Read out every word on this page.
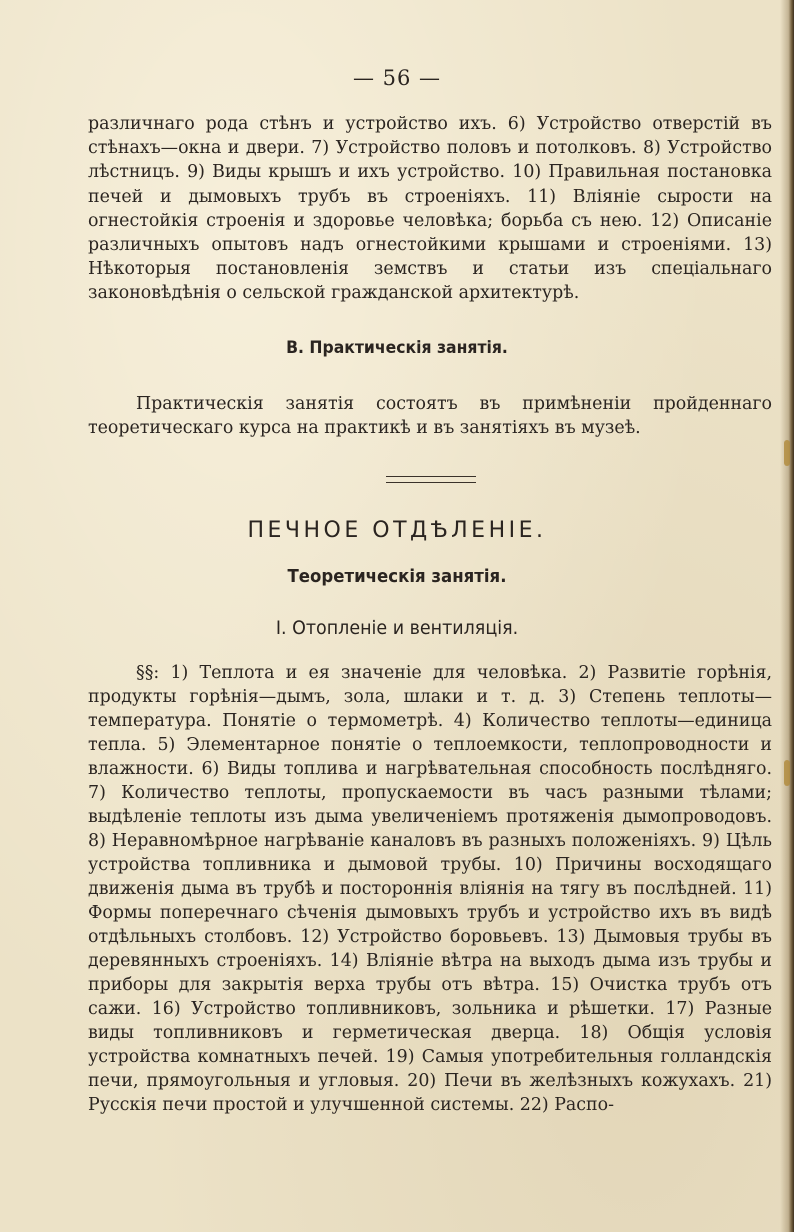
— 56 —

различнаго рода стѣнъ и устройство ихъ. 6) Устройство отверстій въ стѣнахъ—окна и двери. 7) Устройство половъ и потолковъ. 8) Устройство лѣстницъ. 9) Виды крышъ и ихъ устройство. 10) Правильная постановка печей и дымовыхъ трубъ въ строеніяхъ. 11) Вліяніе сырости на огнестойкія строенія и здоровье человѣка; борьба съ нею. 12) Описаніе различныхъ опытовъ надъ огнестойкими крышами и строеніями. 13) Нѣкоторыя постановленія земствъ и статьи изъ спеціальнаго законовѣдѣнія о сельской гражданской архитектурѣ.

В. Практическія занятія.

Практическія занятія состоятъ въ примѣненіи пройденнаго теоретическаго курса на практикѣ и въ занятіяхъ въ музеѣ.

ПЕЧНОЕ ОТДѢЛЕНІЕ.
Теоретическія занятія.
I. Отопленіе и вентиляція.

§§: 1) Теплота и ея значеніе для человѣка. 2) Развитіе горѣнія, продукты горѣнія—дымъ, зола, шлаки и т. д. 3) Степень теплоты—температура. Понятіе о термометрѣ. 4) Количество теплоты—единица тепла. 5) Элементарное понятіе о теплоемкости, теплопроводности и влажности. 6) Виды топлива и нагрѣвательная способность послѣдняго. 7) Количество теплоты, пропускаемости въ часъ разными тѣлами; выдѣленіе теплоты изъ дыма увеличеніемъ протяженія дымопроводовъ. 8) Неравномѣрное нагрѣваніе каналовъ въ разныхъ положеніяхъ. 9) Цѣль устройства топливника и дымовой трубы. 10) Причины восходящаго движенія дыма въ трубѣ и постороннія вліянія на тягу въ послѣдней. 11) Формы поперечнаго сѣченія дымовыхъ трубъ и устройство ихъ въ видѣ отдѣльныхъ столбовъ. 12) Устройство боровьевъ. 13) Дымовыя трубы въ деревянныхъ строеніяхъ. 14) Вліяніе вѣтра на выходъ дыма изъ трубы и приборы для закрытія верха трубы отъ вѣтра. 15) Очистка трубъ отъ сажи. 16) Устройство топливниковъ, зольника и рѣшетки. 17) Разные виды топливниковъ и герметическая дверца. 18) Общія условія устройства комнатныхъ печей. 19) Самыя употребительныя голландскія печи, прямоугольныя и угловыя. 20) Печи въ желѣзныхъ кожухахъ. 21) Русскія печи простой и улучшенной системы. 22) Распо-
